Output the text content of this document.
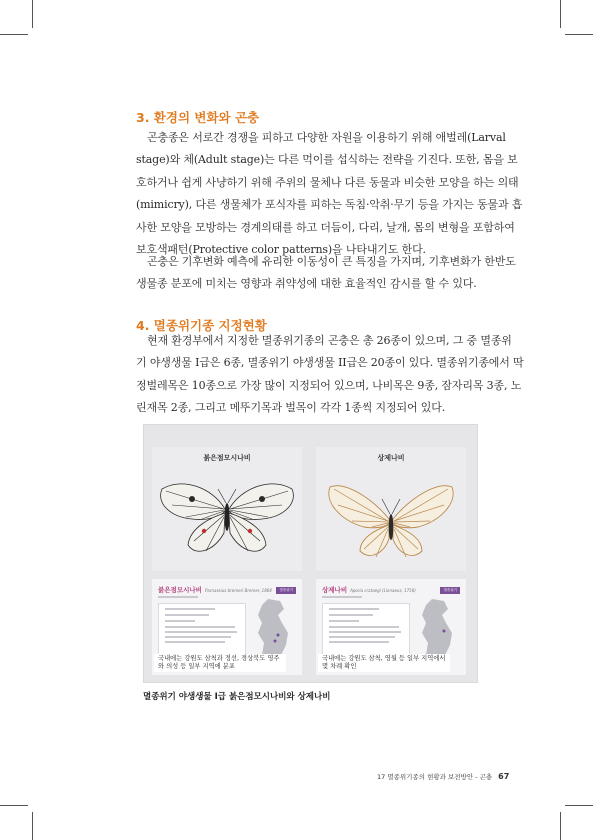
3. 환경의 변화와 곤충

곤충종은 서로간 경쟁을 피하고 다양한 자원을 이용하기 위해 애벌레(Larval
stage)와 체(Adult stage)는 다른 먹이를 섭식하는 전략을 기진다. 또한, 몸을 보
호하거나 쉽게 사냥하기 위해 주위의 물체나 다른 동물과 비슷한 모양을 하는 의태
(mimicry), 다른 생물체가 포식자를 피하는 독침·악취·무기 등을 가지는 동물과 흡
사한 모양을 모방하는 경계의태를 하고 더듬이, 다리, 날개, 몸의 변형을 포함하여
보호색패턴(Protective color patterns)을 나타내기도 한다.

곤충은 기후변화 예측에 유리한 이동성이 큰 특징을 가지며, 기후변화가 한반도
생물종 분포에 미치는 영향과 취약성에 대한 효율적인 감시를 할 수 있다.

4. 멸종위기종 지정현황

현재 환경부에서 지정한 멸종위기종의 곤충은 총 26종이 있으며, 그 중 멸종위
기 야생생물 I급은 6종, 멸종위기 야생생물 II급은 20종이 있다. 멸종위기종에서 딱
정벌레목은 10종으로 가장 많이 지정되어 있으며, 나비목은 9종, 잠자리목 3종, 노
린재목 2종, 그리고 메뚜기목과 벌목이 각각 1종씩 지정되어 있다.

붉은점모시나비	상제나비
붉은점모시나비 Parnassius bremeri Bremer, 1864	멸종위기
국내에는 강원도 삼척과 정선, 경상북도 영주와 의성 등 일부 지역에 분포
상제나비 Aporia crataegi (Linnaeus, 1758)	멸종위기
국내에는 강원도 삼척, 영월 등 일부 지역에서 몇 차례 확인

멸종위기 야생생물 I급 붉은점모시나비와 상제나비

17 멸종위기종의 현황과 보전방안 - 곤충 67
